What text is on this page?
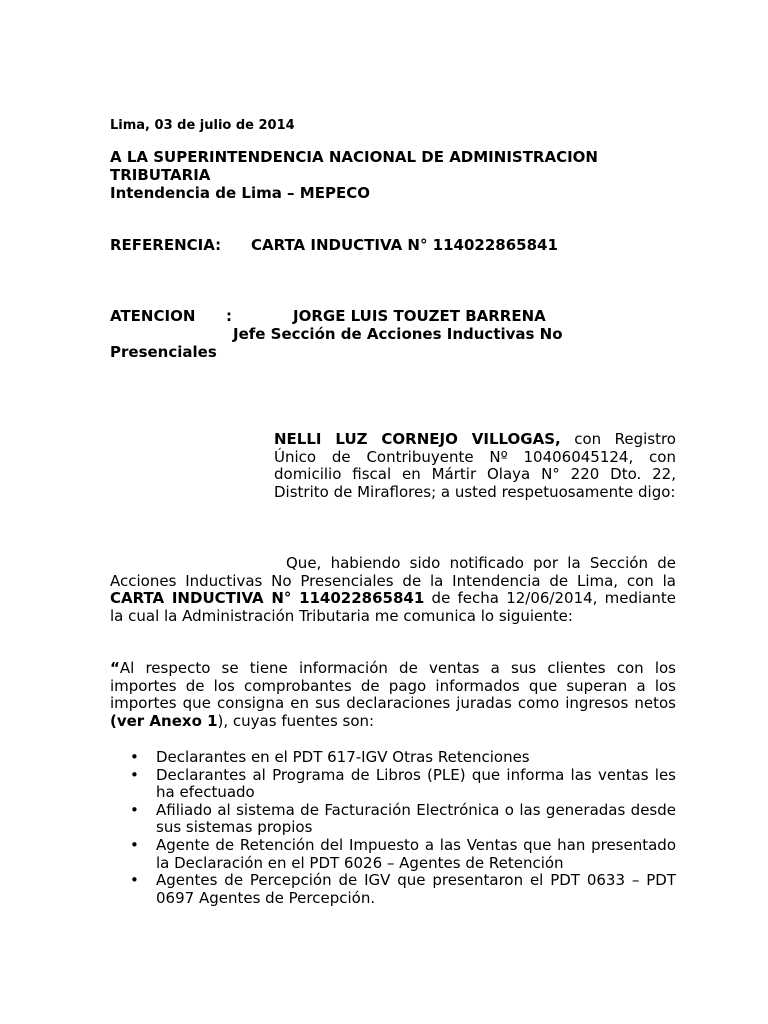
Lima, 03 de julio de 2014

A LA SUPERINTENDENCIA NACIONAL DE ADMINISTRACION
TRIBUTARIA
Intendencia de Lima – MEPECO
REFERENCIA: CARTA INDUCTIVA N° 114022865841
ATENCION :	JORGE LUIS TOUZET BARRENA
Jefe Sección de Acciones Inductivas No
Presenciales

NELLI LUZ CORNEJO VILLOGAS, con Registro Único de Contribuyente Nº 10406045124, con domicilio fiscal en Mártir Olaya N° 220 Dto. 22, Distrito de Miraflores; a usted respetuosamente digo:

Que, habiendo sido notificado por la Sección de Acciones Inductivas No Presenciales de la Intendencia de Lima, con la CARTA INDUCTIVA N° 114022865841 de fecha 12/06/2014, mediante la cual la Administración Tributaria me comunica lo siguiente:

“Al respecto se tiene información de ventas a sus clientes con los importes de los comprobantes de pago informados que superan a los importes que consigna en sus declaraciones juradas como ingresos netos (ver Anexo 1), cuyas fuentes son:

• Declarantes en el PDT 617-IGV Otras Retenciones
• Declarantes al Programa de Libros (PLE) que informa las ventas les ha efectuado
• Afiliado al sistema de Facturación Electrónica o las generadas desde sus sistemas propios
• Agente de Retención del Impuesto a las Ventas que han presentado la Declaración en el PDT 6026 – Agentes de Retención
• Agentes de Percepción de IGV que presentaron el PDT 0633 – PDT 0697 Agentes de Percepción.
